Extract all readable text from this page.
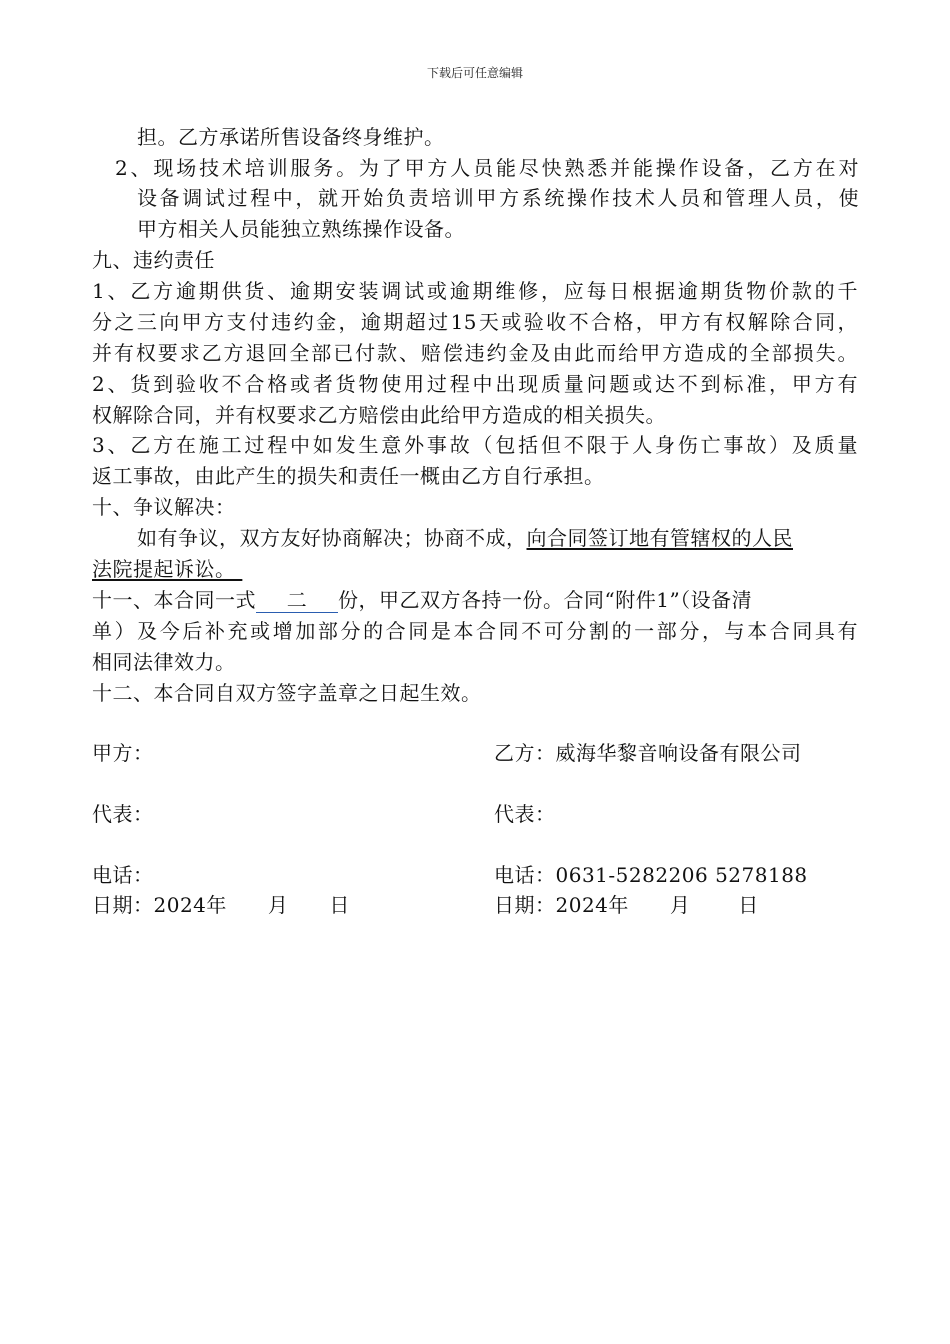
下载后可任意编辑
担。乙方承诺所售设备终身维护。
2、现场技术培训服务。为了甲方人员能尽快熟悉并能操作设备，乙方在对
设备调试过程中，就开始负责培训甲方系统操作技术人员和管理人员，使
甲方相关人员能独立熟练操作设备。
九、违约责任
1、乙方逾期供货、逾期安装调试或逾期维修，应每日根据逾期货物价款的千
分之三向甲方支付违约金，逾期超过15天或验收不合格，甲方有权解除合同，
并有权要求乙方退回全部已付款、赔偿违约金及由此而给甲方造成的全部损失。
2、货到验收不合格或者货物使用过程中出现质量问题或达不到标准，甲方有
权解除合同，并有权要求乙方赔偿由此给甲方造成的相关损失。
3、乙方在施工过程中如发生意外事故（包括但不限于人身伤亡事故）及质量
返工事故，由此产生的损失和责任一概由乙方自行承担。
十、争议解决：
如有争议，双方友好协商解决；协商不成，向合同签订地有管辖权的人民
法院提起诉讼。
十一、本合同一式 二 份，甲乙双方各持一份。合同“附件1”（设备清
单）及今后补充或增加部分的合同是本合同不可分割的一部分，与本合同具有
相同法律效力。
十二、本合同自双方签字盖章之日起生效。
甲方：	乙方：威海华黎音响设备有限公司
代表：	代表：
电话：	电话：0631-5282206 5278188
日期：2024年　　月　　日	日期：2024年　　月　　 日
